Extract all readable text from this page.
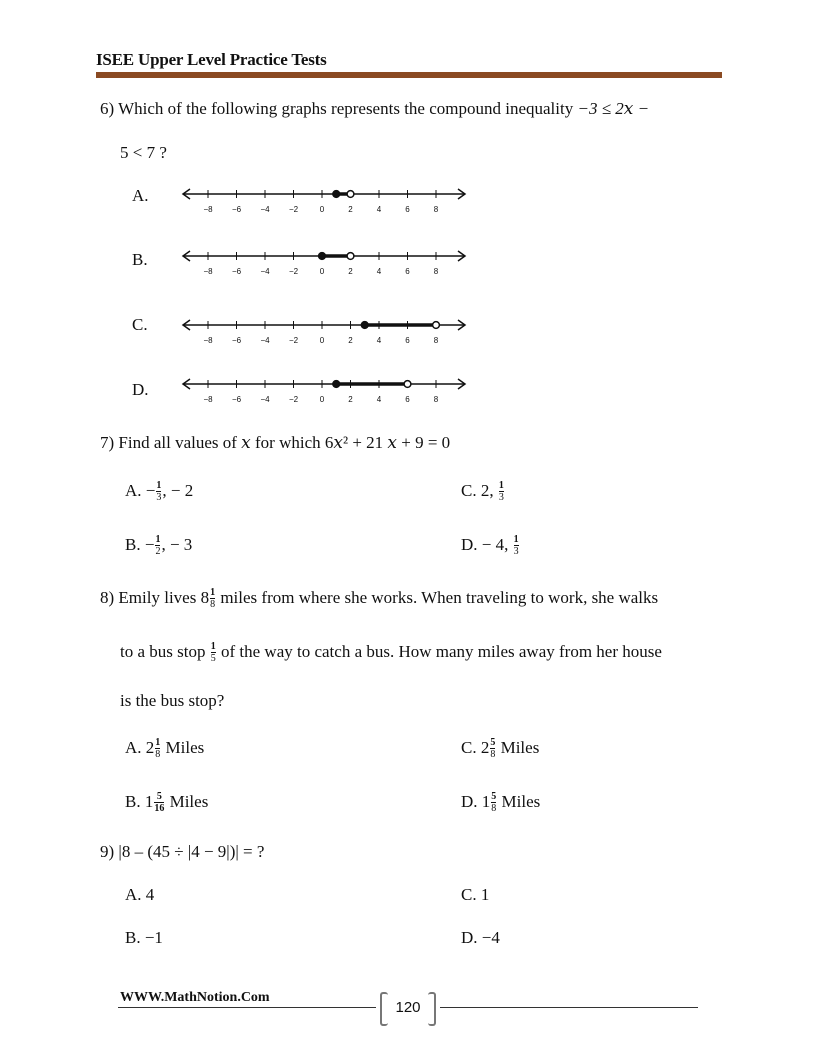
ISEE Upper Level Practice Tests
6) Which of the following graphs represents the compound inequality −3 ≤ 2𝑥 −
5 < 7 ?
A.
−8 −6 −4 −2	0	2	4	6	8
B.
−8 −6 −4 −2	0	2	4	6	8
C.
−8 −6 −4 −2	0	2	4	6	8
D.
−8 −6 −4 −2	0	2	4	6	8
7) Find all values of 𝑥 for which 6𝑥² + 21 𝑥 + 9 = 0
A. − $\frac{1}{3}$ , − 2	C. 2, $\frac{1}{3}$
B. − $\frac{1}{2}$ , − 3	D. − 4, $\frac{1}{3}$
8) Emily lives $8 \frac{1}{8}$ miles from where she works. When traveling to work, she walks
to a bus stop $\frac{1}{5}$ of the way to catch a bus. How many miles away from her house
is the bus stop?
A. $2 \frac{1}{8}$ Miles	C. $2 \frac{5}{8}$ Miles
B. $1 \frac{5}{16}$ Miles	D. $1 \frac{5}{8}$ Miles
9) |8 – (45 ÷ |4 − 9|)| = ?
A. 4	C. 1
B. −1	D. −4
WWW.MathNotion.Com
120
